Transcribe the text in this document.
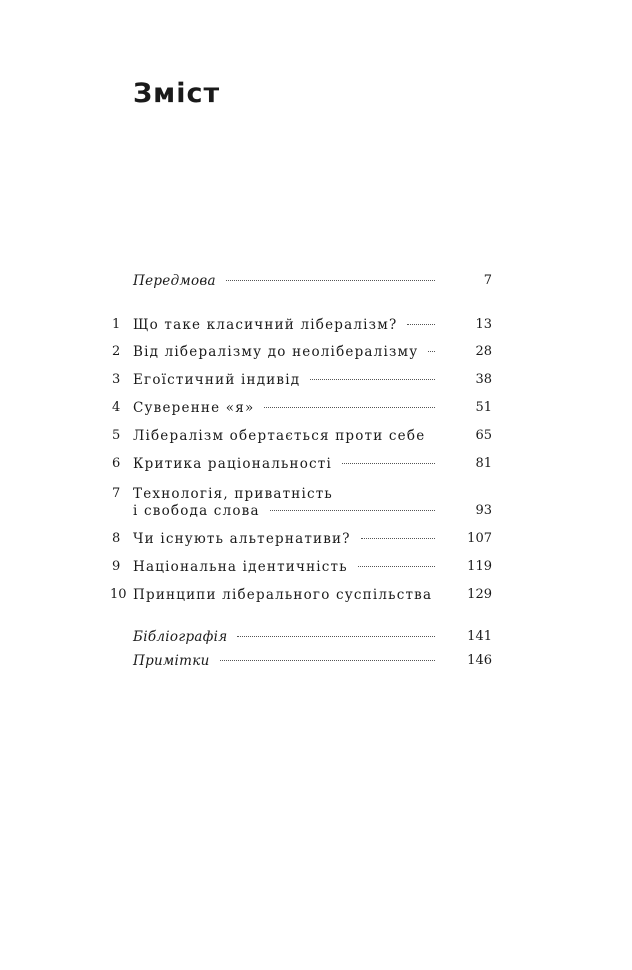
Зміст
Передмова	7
1 Що таке класичний лібералізм?	13
2 Від лібералізму до неолібералізму	28
3 Егоїстичний індивід	38
4 Суверенне «я»	51
5 Лібералізм обертається проти себе	65
6 Критика раціональності	81
7 Технологія, приватність
і свобода слова	93
8 Чи існують альтернативи?	107
9 Національна ідентичність	119
10 Принципи ліберального суспільства	129
Бібліографія	141
Примітки	146
